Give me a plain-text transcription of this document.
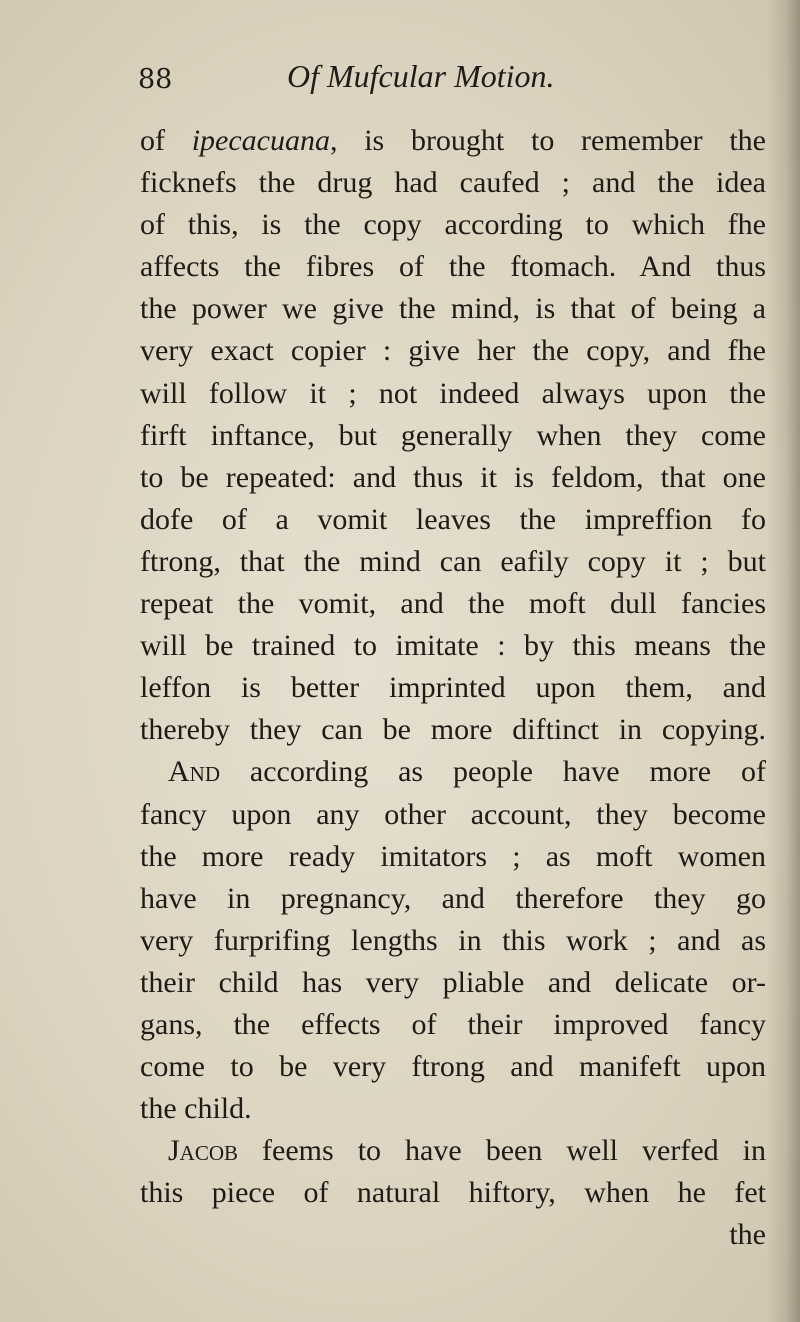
88	Of Mufcular Motion.
of ipecacuana, is brought to remember the
ficknefs the drug had caufed ; and the idea
of this, is the copy according to which fhe
affects the fibres of the ftomach. And thus
the power we give the mind, is that of being a
very exact copier : give her the copy, and fhe
will follow it ; not indeed always upon the
firft inftance, but generally when they come
to be repeated: and thus it is feldom, that one
dofe of a vomit leaves the impreffion fo
ftrong, that the mind can eafily copy it ; but
repeat the vomit, and the moft dull fancies
will be trained to imitate : by this means the
leffon is better imprinted upon them, and
thereby they can be more diftinct in copying.
And according as people have more of
fancy upon any other account, they become
the more ready imitators ; as moft women
have in pregnancy, and therefore they go
very furprifing lengths in this work ; and as
their child has very pliable and delicate or-
gans, the effects of their improved fancy
come to be very ftrong and manifeft upon
the child.
Jacob feems to have been well verfed in
this piece of natural hiftory, when he fet
the
